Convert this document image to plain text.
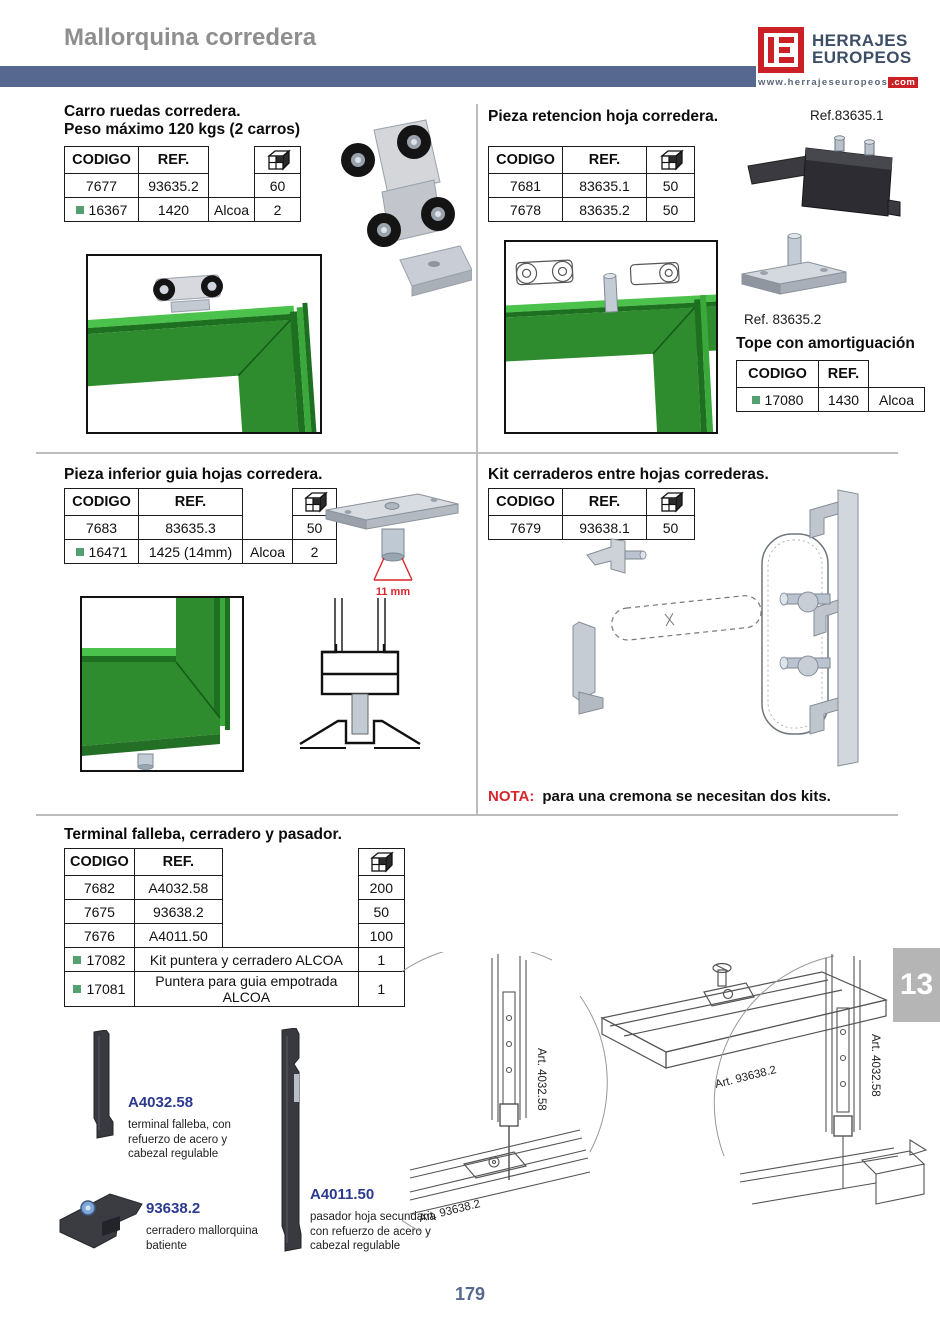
Mallorquina corredera	HERRAJES
EUROPEOS
www.herrajeseuropeos .com
Carro ruedas corredera.
Peso máximo 120 kgs (2 carros)
CODIGO	REF.		

7677	93635.2		60
16367	1420	Alcoa	2
Pieza retencion hoja corredera.	Ref.83635.1
CODIGO	REF.	

7681	83635.1	50
7678	83635.2	50
Ref. 83635.2
Tope con amortiguación
CODIGO	REF.	
17080	1430	Alcoa
Pieza inferior guia hojas corredera.
CODIGO	REF.		

7683	83635.3		50
16471	1425 (14mm)	Alcoa	2
11 mm
Kit cerraderos entre hojas correderas.
CODIGO	REF.	

7679	93638.1	50
NOTA: para una cremona se necesitan dos kits.
Terminal falleba, cerradero y pasador.
CODIGO	REF.		

7682	A4032.58		200
7675	93638.2		50
7676	A4011.50		100
17082	Kit puntera y cerradero ALCOA		1
17081	Puntera para guia empotrada ALCOA		1
A4032.58
terminal falleba, con refuerzo de acero y cabezal regulable
93638.2
cerradero mallorquina batiente
A4011.50
pasador hoja secundaria con refuerzo de acero y cabezal regulable
Art. 4032.58
Art. 93638.2
Art. 93638.2	Art. 4032.58
13
179
